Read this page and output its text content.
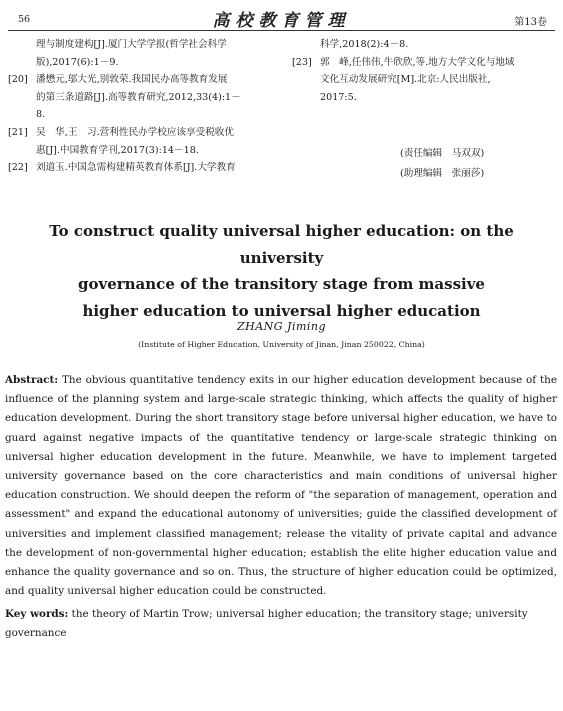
56	高校教育管理	第13卷
理与制度建构[J].厦门大学学报(哲学社会科学
版),2017(6):1－9.
[20] 潘懋元,邬大光,别敦荣.我国民办高等教育发展
的第三条道路[J].高等教育研究,2012,33(4):1－
8.
[21] 吴　华,王　习.营利性民办学校应该享受税收优
惠[J].中国教育学刊,2017(3):14－18.
[22] 刘道玉.中国急需构建精英教育体系[J].大学教育
科学,2018(2):4－8.
[23] 郭　峰,任伟伟,牛欣欣,等.地方大学文化与地域
文化互动发展研究[M].北京:人民出版社,
2017:5.
(责任编辑　马双双)
(助理编辑　张丽莎)
To construct quality universal higher education: on the university
governance of the transitory stage from massive
higher education to universal higher education
ZHANG Jiming
(Institute of Higher Education, University of Jinan, Jinan 250022, China)
Abstract: The obvious quantitative tendency exits in our higher education development because of the influence of the planning system and large-scale strategic thinking, which affects the quality of higher education development. During the short transitory stage before universal higher education, we have to guard against negative impacts of the quantitative tendency or large-scale strategic thinking on universal higher education development in the future. Meanwhile, we have to implement targeted university governance based on the core characteristics and main conditions of universal higher education construction. We should deepen the reform of "the separation of management, operation and assessment" and expand the educational autonomy of universities; guide the classified development of universities and implement classified management; release the vitality of private capital and advance the development of non-governmental higher education; establish the elite higher education value and enhance the quality governance and so on. Thus, the structure of higher education could be optimized, and quality universal higher education could be constructed.
Key words: the theory of Martin Trow; universal higher education; the transitory stage; university governance
